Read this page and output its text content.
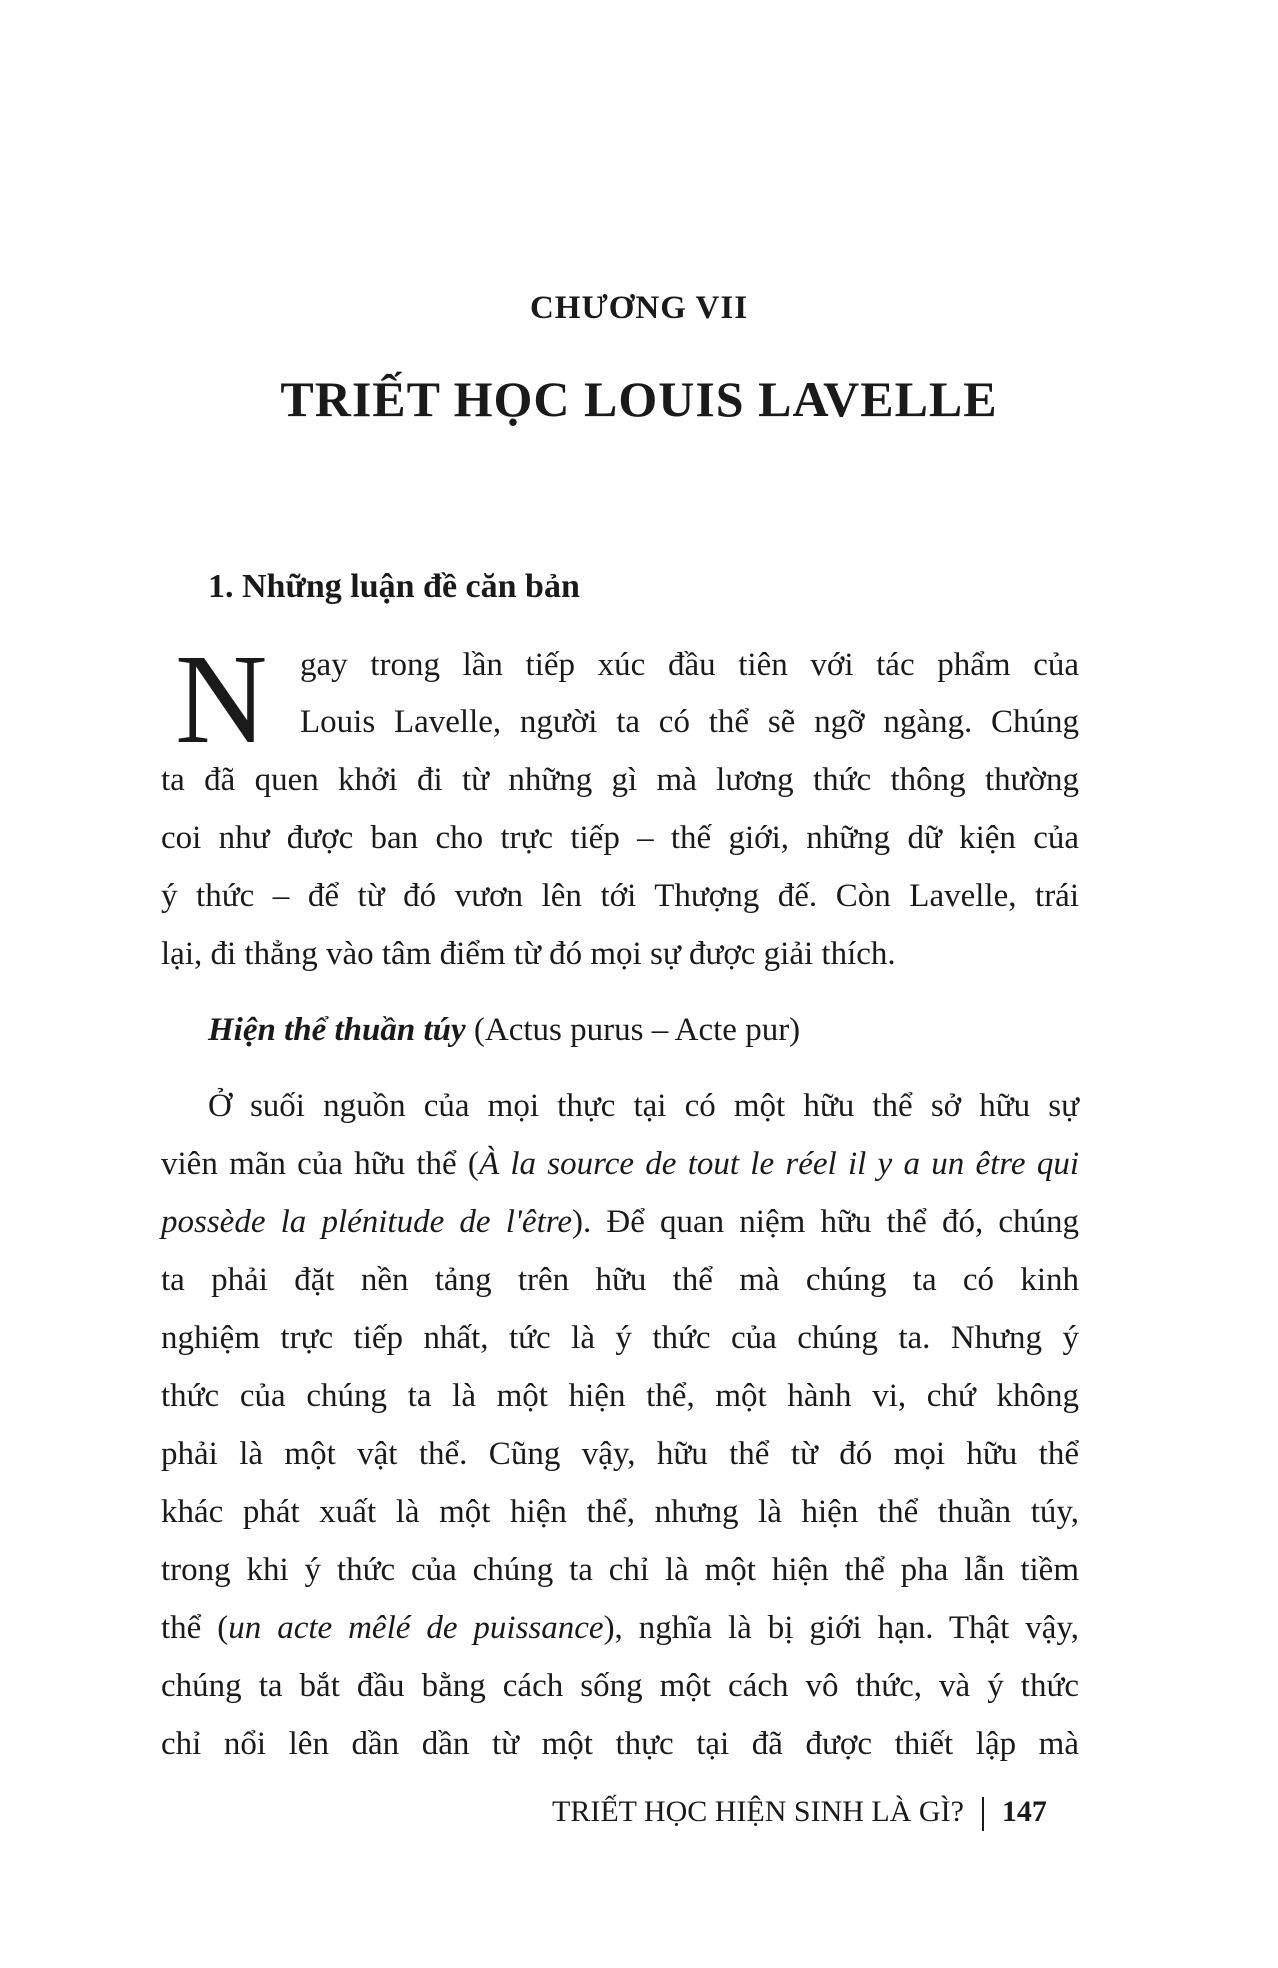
CHƯƠNG VII
TRIẾT HỌC LOUIS LAVELLE
1. Những luận đề căn bản
N gay trong lần tiếp xúc đầu tiên với tác phẩm của
Louis Lavelle, người ta có thể sẽ ngỡ ngàng. Chúng
ta đã quen khởi đi từ những gì mà lương thức thông thường
coi như được ban cho trực tiếp – thế giới, những dữ kiện của
ý thức – để từ đó vươn lên tới Thượng đế. Còn Lavelle, trái
lại, đi thẳng vào tâm điểm từ đó mọi sự được giải thích.
Hiện thể thuần túy (Actus purus – Acte pur)
Ở suối nguồn của mọi thực tại có một hữu thể sở hữu sự
viên mãn của hữu thể (À la source de tout le réel il y a un être qui
possède la plénitude de l'être). Để quan niệm hữu thể đó, chúng
ta phải đặt nền tảng trên hữu thể mà chúng ta có kinh
nghiệm trực tiếp nhất, tức là ý thức của chúng ta. Nhưng ý
thức của chúng ta là một hiện thể, một hành vi, chứ không
phải là một vật thể. Cũng vậy, hữu thể từ đó mọi hữu thể
khác phát xuất là một hiện thể, nhưng là hiện thể thuần túy,
trong khi ý thức của chúng ta chỉ là một hiện thể pha lẫn tiềm
thể (un acte mêlé de puissance), nghĩa là bị giới hạn. Thật vậy,
chúng ta bắt đầu bằng cách sống một cách vô thức, và ý thức
chỉ nổi lên dần dần từ một thực tại đã được thiết lập mà
TRIẾT HỌC HIỆN SINH LÀ GÌ? 147
